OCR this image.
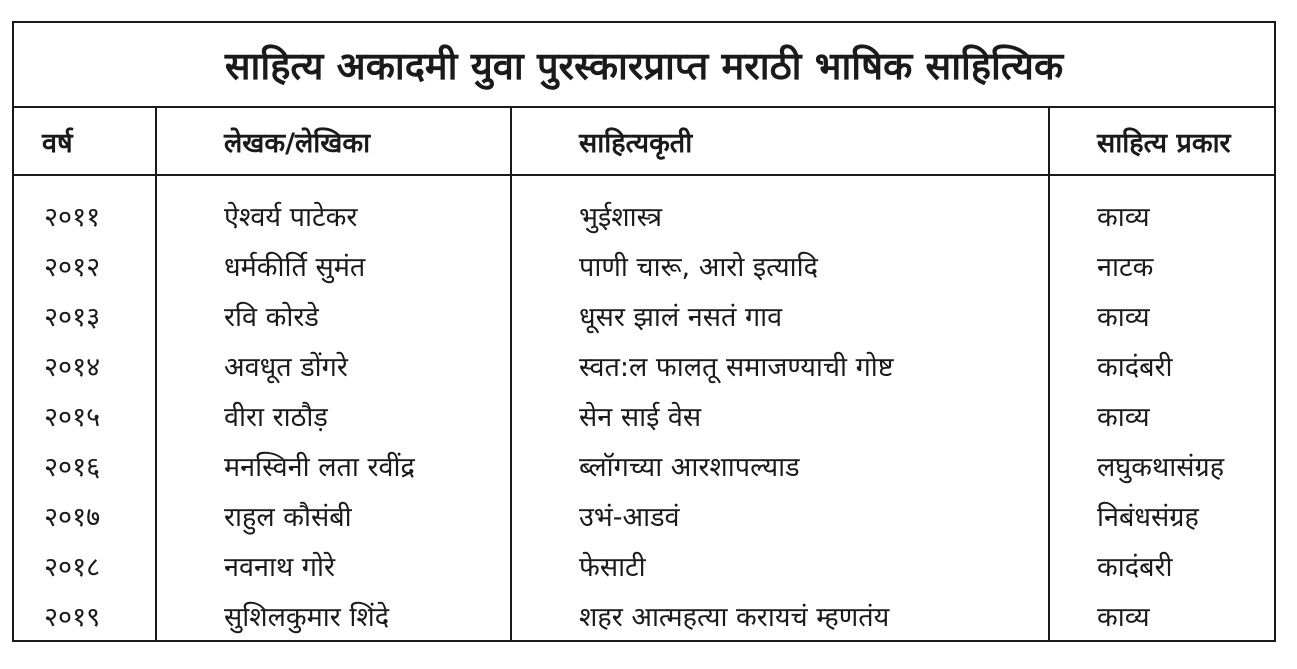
साहित्य अकादमी युवा पुरस्कारप्राप्त मराठी भाषिक साहित्यिक
वर्ष	लेखक/लेखिका	साहित्यकृती	साहित्य प्रकार
२०११	ऐश्वर्य पाटेकर	भुईशास्त्र	काव्य
२०१२	धर्मकीर्ति सुमंत	पाणी चारू, आरो इत्यादि	नाटक
२०१३	रवि कोरडे	धूसर झालं नसतं गाव	काव्य
२०१४	अवधूत डोंगरे	स्वत:ल फालतू समाजण्याची गोष्ट	कादंबरी
२०१५	वीरा राठौड़	सेन साई वेस	काव्य
२०१६	मनस्विनी लता रवींद्र	ब्लॉगच्या आरशापल्याड	लघुकथासंग्रह
२०१७	राहुल कौसंबी	उभं-आडवं	निबंधसंग्रह
२०१८	नवनाथ गोरे	फेसाटी	कादंबरी
२०१९	सुशिलकुमार शिंदे	शहर आत्महत्या करायचं म्हणतंय	काव्य
